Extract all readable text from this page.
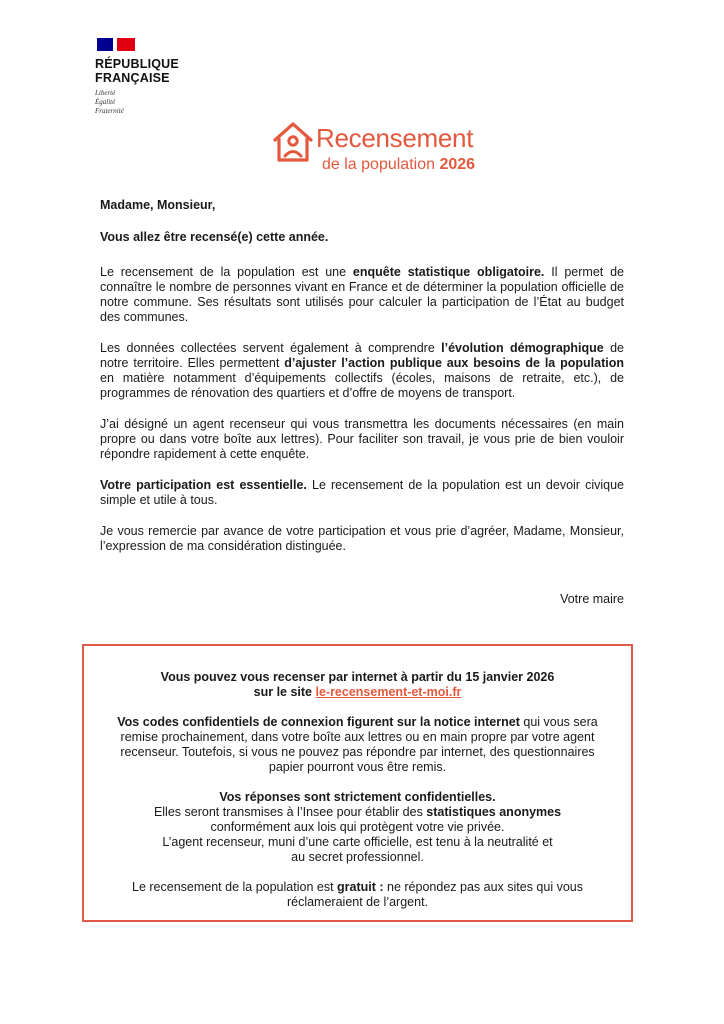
RÉPUBLIQUE
FRANÇAISE
Liberté
Égalité
Fraternité
Recensement
de la population 2026

Madame, Monsieur,

Vous allez être recensé(e) cette année.

Le recensement de la population est une enquête statistique obligatoire. Il permet de connaître le nombre de personnes vivant en France et de déterminer la population officielle de notre commune. Ses résultats sont utilisés pour calculer la participation de l’État au budget des communes.

Les données collectées servent également à comprendre l’évolution démographique de notre territoire. Elles permettent d’ajuster l’action publique aux besoins de la population en matière notamment d’équipements collectifs (écoles, maisons de retraite, etc.), de programmes de rénovation des quartiers et d’offre de moyens de transport.

J’ai désigné un agent recenseur qui vous transmettra les documents nécessaires (en main propre ou dans votre boîte aux lettres). Pour faciliter son travail, je vous prie de bien vouloir répondre rapidement à cette enquête.

Votre participation est essentielle. Le recensement de la population est un devoir civique simple et utile à tous.

Je vous remercie par avance de votre participation et vous prie d’agréer, Madame, Monsieur, l’expression de ma considération distinguée.

Votre maire

Vous pouvez vous recenser par internet à partir du 15 janvier 2026

sur le site le-recensement-et-moi.fr

Vos codes confidentiels de connexion figurent sur la notice internet qui vous sera remise prochainement, dans votre boîte aux lettres ou en main propre par votre agent recenseur. Toutefois, si vous ne pouvez pas répondre par internet, des questionnaires papier pourront vous être remis.

Vos réponses sont strictement confidentielles.

Elles seront transmises à l’Insee pour établir des statistiques anonymes

conformément aux lois qui protègent votre vie privée.

L’agent recenseur, muni d’une carte officielle, est tenu à la neutralité et

au secret professionnel.

Le recensement de la population est gratuit : ne répondez pas aux sites qui vous réclameraient de l’argent.
